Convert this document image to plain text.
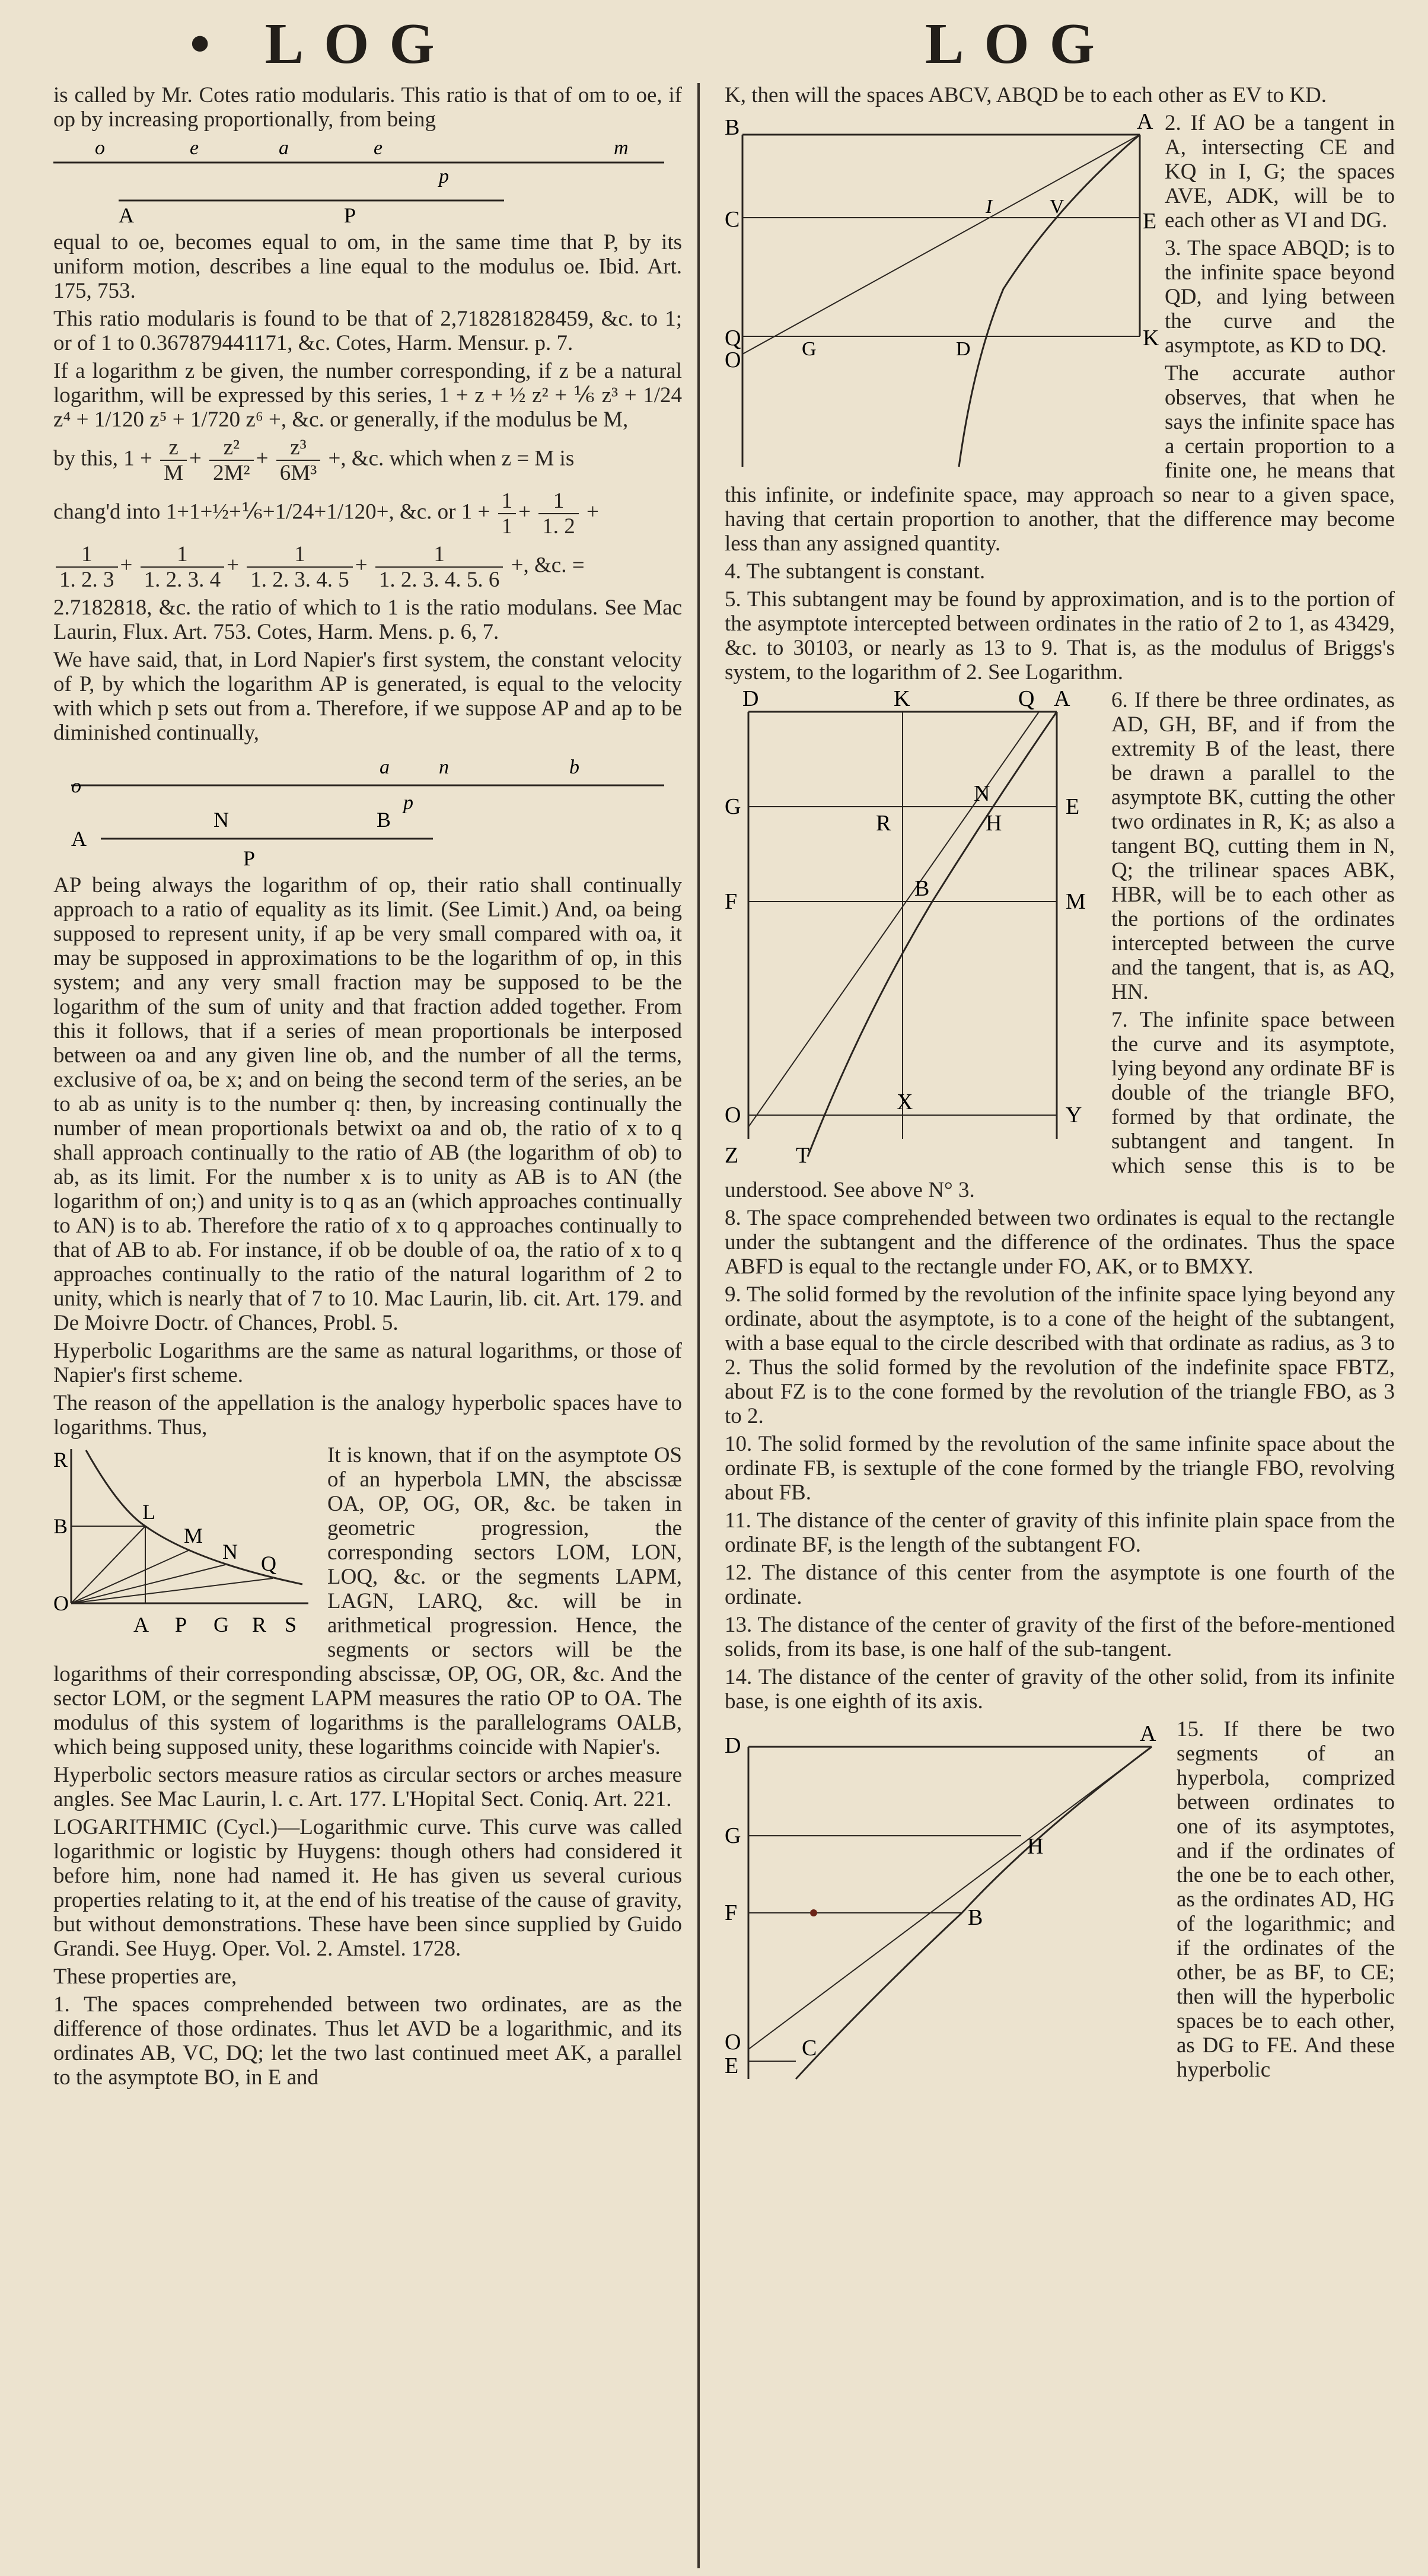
• LOG	LOG

is called by Mr. Cotes ratio modularis. This ratio is that of om to oe, if op by increasing proportionally, from being

o	e	a	e	m
p
A	P

equal to oe, becomes equal to om, in the same time that P, by its uniform motion, describes a line equal to the modulus oe. Ibid. Art. 175, 753.

This ratio modularis is found to be that of 2,718281828459, &c. to 1; or of 1 to 0.367879441171, &c. Cotes, Harm. Mensur. p. 7.

If a logarithm z be given, the number corresponding, if z be a natural logarithm, will be expressed by this series, 1 + z + ½ z² + ⅙ z³ + 1/24 z⁴ + 1/120 z⁵ + 1/720 z⁶ +, &c. or generally, if the modulus be M,

by this, $1 + \frac{z}{M} + \frac{\text{z²}}{\text{2M²}} + \frac{\text{z³}}{\text{6M³}}$ +, &c. which when z = M is
chang'd into 1+1+½+⅙+1/24+1/120+, &c. or $1 + \frac{1}{1} + \frac{1}{1. 2}$ +
$\frac{1}{1. 2. 3} + \frac{1}{1. 2. 3. 4} + \frac{1}{1. 2. 3. 4. 5} + \frac{1}{1. 2. 3. 4. 5. 6}$ +, &c. =

2.7182818, &c. the ratio of which to 1 is the ratio modulans. See Mac Laurin, Flux. Art. 753. Cotes, Harm. Mens. p. 6, 7.

We have said, that, in Lord Napier's first system, the constant velocity of P, by which the logarithm AP is generated, is equal to the velocity with which p sets out from a. Therefore, if we suppose AP and ap to be diminished continually,

o
a n	b
p
A
N	B
P

AP being always the logarithm of op, their ratio shall continually approach to a ratio of equality as its limit. (See Limit.) And, oa being supposed to represent unity, if ap be very small compared with oa, it may be supposed in approximations to be the logarithm of op, in this system; and any very small fraction may be supposed to be the logarithm of the sum of unity and that fraction added together. From this it follows, that if a series of mean proportionals be interposed between oa and any given line ob, and the number of all the terms, exclusive of oa, be x; and on being the second term of the series, an be to ab as unity is to the number q: then, by increasing continually the number of mean proportionals betwixt oa and ob, the ratio of x to q shall approach continually to the ratio of AB (the logarithm of ob) to ab, as its limit. For the number x is to unity as AB is to AN (the logarithm of on;) and unity is to q as an (which approaches continually to AN) is to ab. Therefore the ratio of x to q approaches continually to that of AB to ab. For instance, if ob be double of oa, the ratio of x to q approaches continually to the ratio of the natural logarithm of 2 to unity, which is nearly that of 7 to 10. Mac Laurin, lib. cit. Art. 179. and De Moivre Doctr. of Chances, Probl. 5.

Hyperbolic Logarithms are the same as natural logarithms, or those of Napier's first scheme.

The reason of the appellation is the analogy hyperbolic spaces have to logarithms. Thus,

R
B
L
M
N Q
O
A P G R S

It is known, that if on the asymptote OS of an hyperbola LMN, the abscissæ OA, OP, OG, OR, &c. be taken in geometric progression, the corresponding sectors LOM, LON, LOQ, &c. or the segments LAPM, LAGN, LARQ, &c. will be in arithmetical progression. Hence, the segments or sectors will be the logarithms of their corresponding abscissæ, OP, OG, OR, &c. And the sector LOM, or the segment LAPM measures the ratio OP to OA. The modulus of this system of logarithms is the parallelograms OALB, which being supposed unity, these logarithms coincide with Napier's.

Hyperbolic sectors measure ratios as circular sectors or arches measure angles. See Mac Laurin, l. c. Art. 177. L'Hopital Sect. Coniq. Art. 221.

LOGARITHMIC (Cycl.)—Logarithmic curve. This curve was called logarithmic or logistic by Huygens: though others had considered it before him, none had named it. He has given us several curious properties relating to it, at the end of his treatise of the cause of gravity, but without demonstrations. These have been since supplied by Guido Grandi. See Huyg. Oper. Vol. 2. Amstel. 1728.

These properties are,

1. The spaces comprehended between two ordinates, are as the difference of those ordinates. Thus let AVD be a logarithmic, and its ordinates AB, VC, DQ; let the two last continued meet AK, a parallel to the asymptote BO, in E and

K, then will the spaces ABCV, ABQD be to each other as EV to KD.

B	A
C
I	V
E
Q	K
G	D
O

2. If AO be a tangent in A, intersecting CE and KQ in I, G; the spaces AVE, ADK, will be to each other as VI and DG.

3. The space ABQD; is to the infinite space beyond QD, and lying between the curve and the asymptote, as KD to DQ.

The accurate author observes, that when he says the infinite space has a certain proportion to a finite one, he means that this infinite, or indefinite space, may approach so near to a given space, having that certain proportion to another, that the difference may become less than any assigned quantity.

4. The subtangent is constant.

5. This subtangent may be found by approximation, and is to the portion of the asymptote intercepted between ordinates in the ratio of 2 to 1, as 43429, &c. to 30103, or nearly as 13 to 9. That is, as the modulus of Briggs's system, to the logarithm of 2. See Logarithm.

D	K	Q A
G
N
R	H
E
F
B
M
O
X
Y
Z	T

6. If there be three ordinates, as AD, GH, BF, and if from the extremity B of the least, there be drawn a parallel to the asymptote BK, cutting the other two ordinates in R, K; as also a tangent BQ, cutting them in N, Q; the trilinear spaces ABK, HBR, will be to each other as the portions of the ordinates intercepted between the curve and the tangent, that is, as AQ, HN.

7. The infinite space between the curve and its asymptote, lying beyond any ordinate BF is double of the triangle BFO, formed by that ordinate, the subtangent and tangent. In which sense this is to be understood. See above N° 3.

8. The space comprehended between two ordinates is equal to the rectangle under the subtangent and the difference of the ordinates. Thus the space ABFD is equal to the rectangle under FO, AK, or to BMXY.

9. The solid formed by the revolution of the infinite space lying beyond any ordinate, about the asymptote, is to a cone of the height of the subtangent, with a base equal to the circle described with that ordinate as radius, as 3 to 2. Thus the solid formed by the revolution of the indefinite space FBTZ, about FZ is to the cone formed by the revolution of the triangle FBO, as 3 to 2.

10. The solid formed by the revolution of the same infinite space about the ordinate FB, is sextuple of the cone formed by the triangle FBO, revolving about FB.

11. The distance of the center of gravity of this infinite plain space from the ordinate BF, is the length of the subtangent FO.

12. The distance of this center from the asymptote is one fourth of the ordinate.

13. The distance of the center of gravity of the first of the before-mentioned solids, from its base, is one half of the sub-tangent.

14. The distance of the center of gravity of the other solid, from its infinite base, is one eighth of its axis.

D	A
G	H
F	B
O
E
C

15. If there be two segments of an hyperbola, comprized between ordinates to one of its asymptotes, and if the ordinates of the one be to each other, as the ordinates AD, HG of the logarithmic; and if the ordinates of the other, be as BF, to CE; then will the hyperbolic spaces be to each other, as DG to FE. And these hyperbolic
